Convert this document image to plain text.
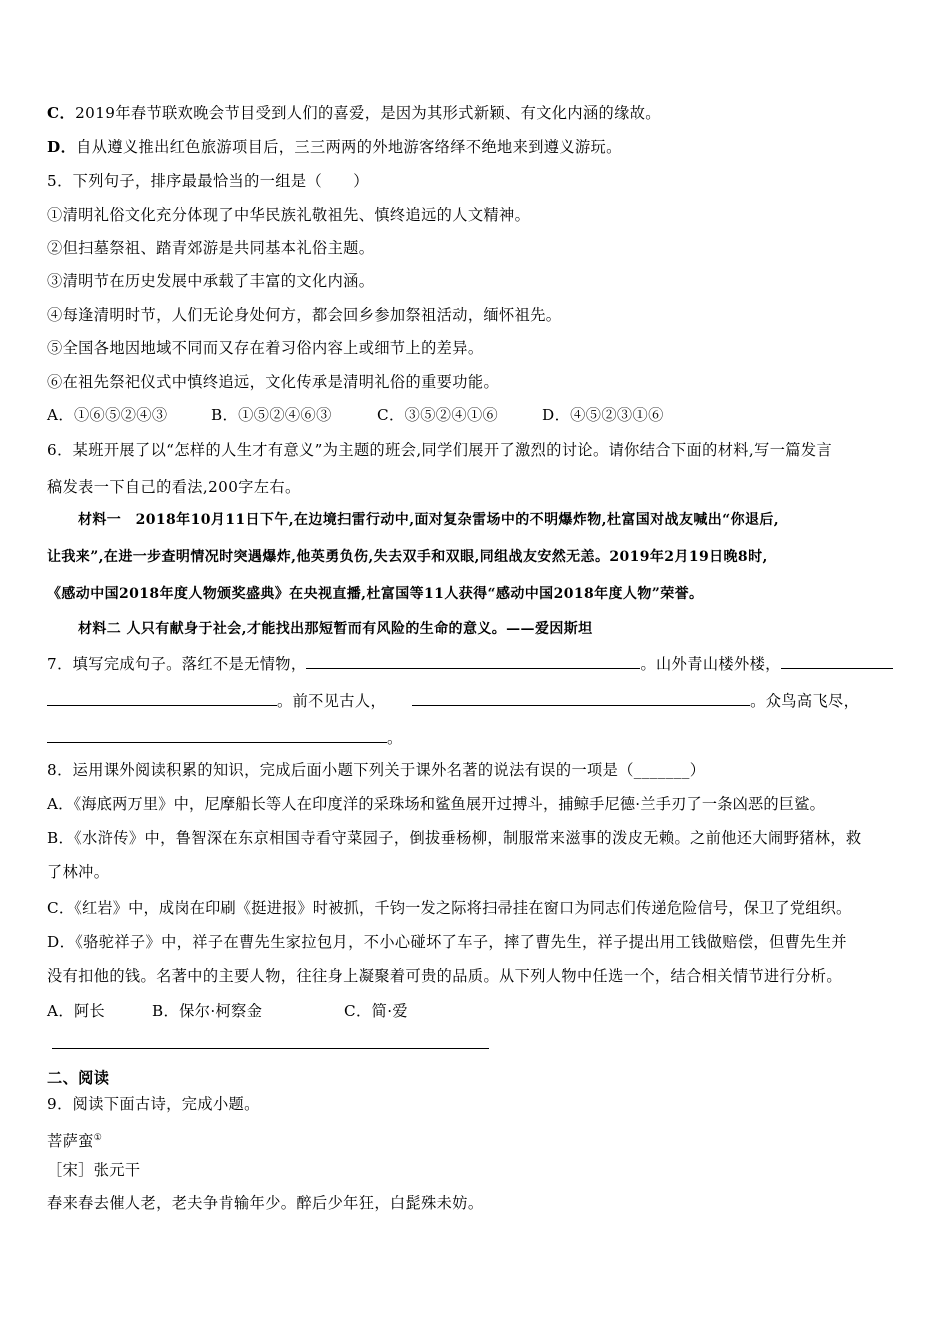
C．2019年春节联欢晚会节目受到人们的喜爱，是因为其形式新颖、有文化内涵的缘故。
D．自从遵义推出红色旅游项目后，三三两两的外地游客络绎不绝地来到遵义游玩。
5．下列句子，排序最最恰当的一组是（　　）
①清明礼俗文化充分体现了中华民族礼敬祖先、慎终追远的人文精神。
②但扫墓祭祖、踏青郊游是共同基本礼俗主题。
③清明节在历史发展中承载了丰富的文化内涵。
④每逢清明时节，人们无论身处何方，都会回乡参加祭祖活动，缅怀祖先。
⑤全国各地因地域不同而又存在着习俗内容上或细节上的差异。
⑥在祖先祭祀仪式中慎终追远，文化传承是清明礼俗的重要功能。
A．①⑥⑤②④③	B．①⑤②④⑥③	C．③⑤②④①⑥	D．④⑤②③①⑥
6．某班开展了以“怎样的人生才有意义”为主题的班会,同学们展开了激烈的讨论。请你结合下面的材料,写一篇发言
稿发表一下自己的看法,200字左右。
材料一　2018年10月11日下午,在边境扫雷行动中,面对复杂雷场中的不明爆炸物,杜富国对战友喊出“你退后,
让我来”,在进一步查明情况时突遇爆炸,他英勇负伤,失去双手和双眼,同组战友安然无恙。2019年2月19日晚8时,
《感动中国2018年度人物颁奖盛典》在央视直播,杜富国等11人获得“感动中国2018年度人物”荣誉。
材料二 人只有献身于社会,才能找出那短暂而有风险的生命的意义。——爱因斯坦
7．填写完成句子。落红不是无情物，	。山外青山楼外楼，
。前不见古人，	。众鸟高飞尽，
。
8．运用课外阅读积累的知识，完成后面小题下列关于课外名著的说法有误的一项是（_______）
A．《海底两万里》中，尼摩船长等人在印度洋的采珠场和鲨鱼展开过搏斗，捕鲸手尼德·兰手刃了一条凶恶的巨鲨。
B．《水浒传》中，鲁智深在东京相国寺看守菜园子，倒拔垂杨柳，制服常来滋事的泼皮无赖。之前他还大闹野猪林，救
了林冲。
C．《红岩》中，成岗在印刷《挺进报》时被抓，千钧一发之际将扫帚挂在窗口为同志们传递危险信号，保卫了党组织。
D．《骆驼祥子》中，祥子在曹先生家拉包月，不小心碰坏了车子，摔了曹先生，祥子提出用工钱做赔偿，但曹先生并
没有扣他的钱。名著中的主要人物，往往身上凝聚着可贵的品质。从下列人物中任选一个，结合相关情节进行分析。
A．阿长	B．保尔·柯察金	C．简·爱
二、阅读
9．阅读下面古诗，完成小题。
菩萨蛮①
［宋］张元干
春来春去催人老，老夫争肯输年少。醉后少年狂，白髭殊未妨。
